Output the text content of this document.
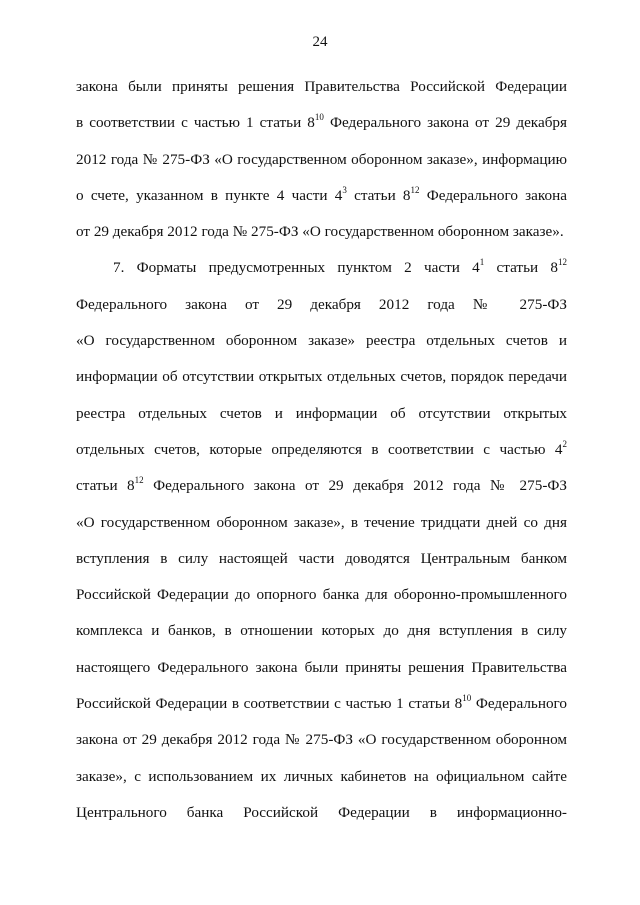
24
закона были приняты решения Правительства Российской Федерации
в соответствии с частью 1 статьи $8^{10}$ Федерального закона от 29 декабря
2012 года № 275-ФЗ «О государственном оборонном заказе», информацию
о счете, указанном в пункте 4 части $4^3$ статьи $8^{12}$ Федерального закона
от 29 декабря 2012 года № 275-ФЗ «О государственном оборонном заказе».
7. Форматы предусмотренных пунктом 2 части $4^1$ статьи $8^{12}$
Федерального закона от 29 декабря 2012 года № 275-ФЗ
«О государственном оборонном заказе» реестра отдельных счетов и
информации об отсутствии открытых отдельных счетов, порядок передачи
реестра отдельных счетов и информации об отсутствии открытых
отдельных счетов, которые определяются в соответствии с частью $4^2$
статьи $8^{12}$ Федерального закона от 29 декабря 2012 года № 275-ФЗ
«О государственном оборонном заказе», в течение тридцати дней со дня
вступления в силу настоящей части доводятся Центральным банком
Российской Федерации до опорного банка для оборонно-промышленного
комплекса и банков, в отношении которых до дня вступления в силу
настоящего Федерального закона были приняты решения Правительства
Российской Федерации в соответствии с частью 1 статьи $8^{10}$ Федерального
закона от 29 декабря 2012 года № 275-ФЗ «О государственном оборонном
заказе», с использованием их личных кабинетов на официальном сайте
Центрального банка Российской Федерации в информационно-
